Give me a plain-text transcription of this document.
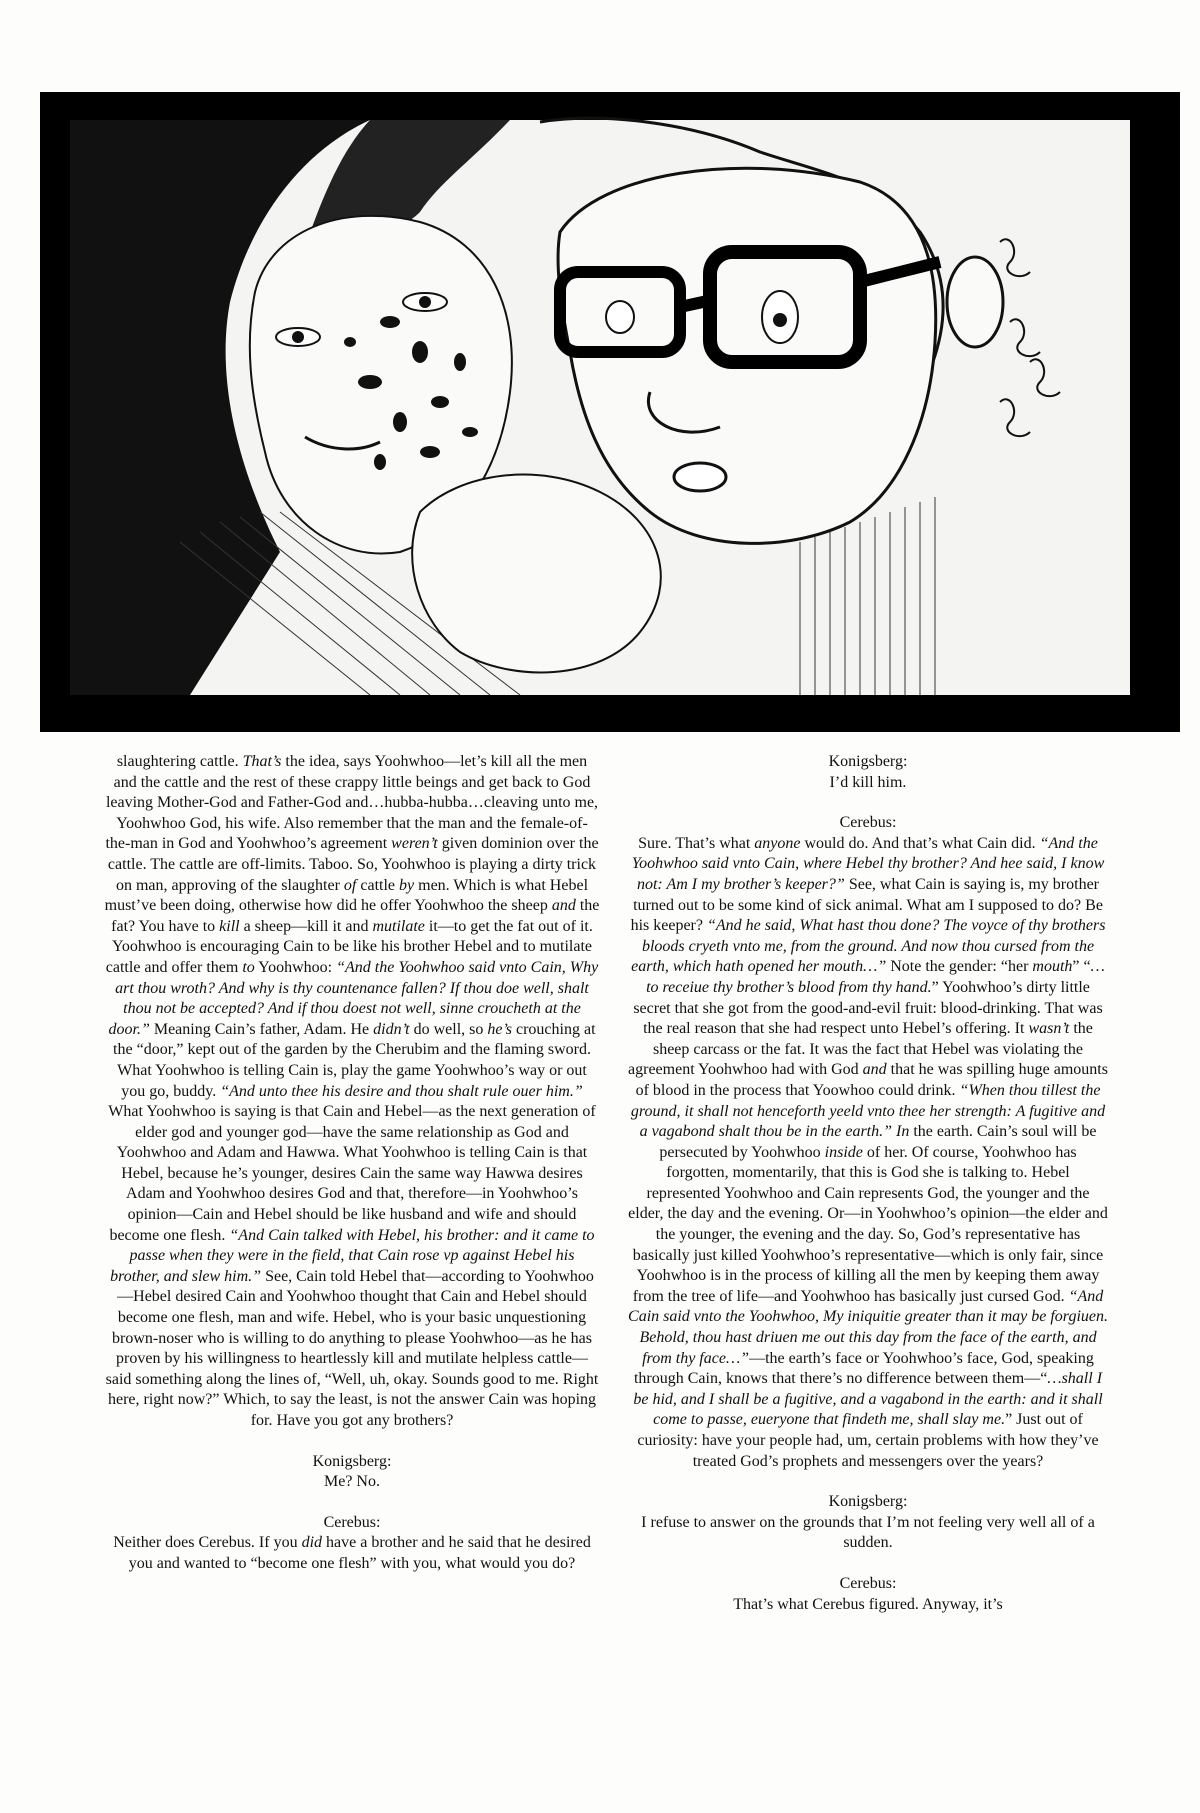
slaughtering cattle. That’s the idea, says Yoohwhoo—let’s kill all the men and the cattle and the rest of these crappy little beings and get back to God leaving Mother-God and Father-God and…hubba-hubba…cleaving unto me, Yoohwhoo God, his wife. Also remember that the man and the female-of-the-man in God and Yoohwhoo’s agreement weren’t given dominion over the cattle. The cattle are off-limits. Taboo. So, Yoohwhoo is playing a dirty trick on man, approving of the slaughter of cattle by men. Which is what Hebel must’ve been doing, otherwise how did he offer Yoohwhoo the sheep and the fat? You have to kill a sheep—kill it and mutilate it—to get the fat out of it. Yoohwhoo is encouraging Cain to be like his brother Hebel and to mutilate cattle and offer them to Yoohwhoo: “And the Yoohwhoo said vnto Cain, Why art thou wroth? And why is thy countenance fallen? If thou doe well, shalt thou not be accepted? And if thou doest not well, sinne croucheth at the door.” Meaning Cain’s father, Adam. He didn’t do well, so he’s crouching at the “door,” kept out of the garden by the Cherubim and the flaming sword. What Yoohwhoo is telling Cain is, play the game Yoohwhoo’s way or out you go, buddy. “And unto thee his desire and thou shalt rule ouer him.” What Yoohwhoo is saying is that Cain and Hebel—as the next generation of elder god and younger god—have the same relationship as God and Yoohwhoo and Adam and Hawwa. What Yoohwhoo is telling Cain is that Hebel, because he’s younger, desires Cain the same way Hawwa desires Adam and Yoohwhoo desires God and that, therefore—in Yoohwhoo’s opinion—Cain and Hebel should be like husband and wife and should become one flesh. “And Cain talked with Hebel, his brother: and it came to passe when they were in the field, that Cain rose vp against Hebel his brother, and slew him.” See, Cain told Hebel that—according to Yoohwhoo—Hebel desired Cain and Yoohwhoo thought that Cain and Hebel should become one flesh, man and wife. Hebel, who is your basic unquestioning brown-noser who is willing to do anything to please Yoohwhoo—as he has proven by his willingness to heartlessly kill and mutilate helpless cattle—said something along the lines of, “Well, uh, okay. Sounds good to me. Right here, right now?” Which, to say the least, is not the answer Cain was hoping for. Have you got any brothers?

Konigsberg:
Me? No.

Cerebus:
Neither does Cerebus. If you did have a brother and he said that he desired you and wanted to “become one flesh” with you, what would you do?

Konigsberg:
I’d kill him.

Cerebus:
Sure. That’s what anyone would do. And that’s what Cain did. “And the Yoohwhoo said vnto Cain, where Hebel thy brother? And hee said, I know not: Am I my brother’s keeper?” See, what Cain is saying is, my brother turned out to be some kind of sick animal. What am I supposed to do? Be his keeper? “And he said, What hast thou done? The voyce of thy brothers bloods cryeth vnto me, from the ground. And now thou cursed from the earth, which hath opened her mouth…” Note the gender: “her mouth” “…to receiue thy brother’s blood from thy hand.” Yoohwhoo’s dirty little secret that she got from the good-and-evil fruit: blood-drinking. That was the real reason that she had respect unto Hebel’s offering. It wasn’t the sheep carcass or the fat. It was the fact that Hebel was violating the agreement Yoohwhoo had with God and that he was spilling huge amounts of blood in the process that Yoowhoo could drink. “When thou tillest the ground, it shall not henceforth yeeld vnto thee her strength: A fugitive and a vagabond shalt thou be in the earth.” In the earth. Cain’s soul will be persecuted by Yoohwhoo inside of her. Of course, Yoohwhoo has forgotten, momentarily, that this is God she is talking to. Hebel represented Yoohwhoo and Cain represents God, the younger and the elder, the day and the evening. Or—in Yoohwhoo’s opinion—the elder and the younger, the evening and the day. So, God’s representative has basically just killed Yoohwhoo’s representative—which is only fair, since Yoohwhoo is in the process of killing all the men by keeping them away from the tree of life—and Yoohwhoo has basically just cursed God. “And Cain said vnto the Yoohwhoo, My iniquitie greater than it may be forgiuen. Behold, thou hast driuen me out this day from the face of the earth, and from thy face…”—the earth’s face or Yoohwhoo’s face, God, speaking through Cain, knows that there’s no difference between them—“…shall I be hid, and I shall be a fugitive, and a vagabond in the earth: and it shall come to passe, eueryone that findeth me, shall slay me.” Just out of curiosity: have your people had, um, certain problems with how they’ve treated God’s prophets and messengers over the years?

Konigsberg:
I refuse to answer on the grounds that I’m not feeling very well all of a sudden.

Cerebus:
That’s what Cerebus figured. Anyway, it’s
